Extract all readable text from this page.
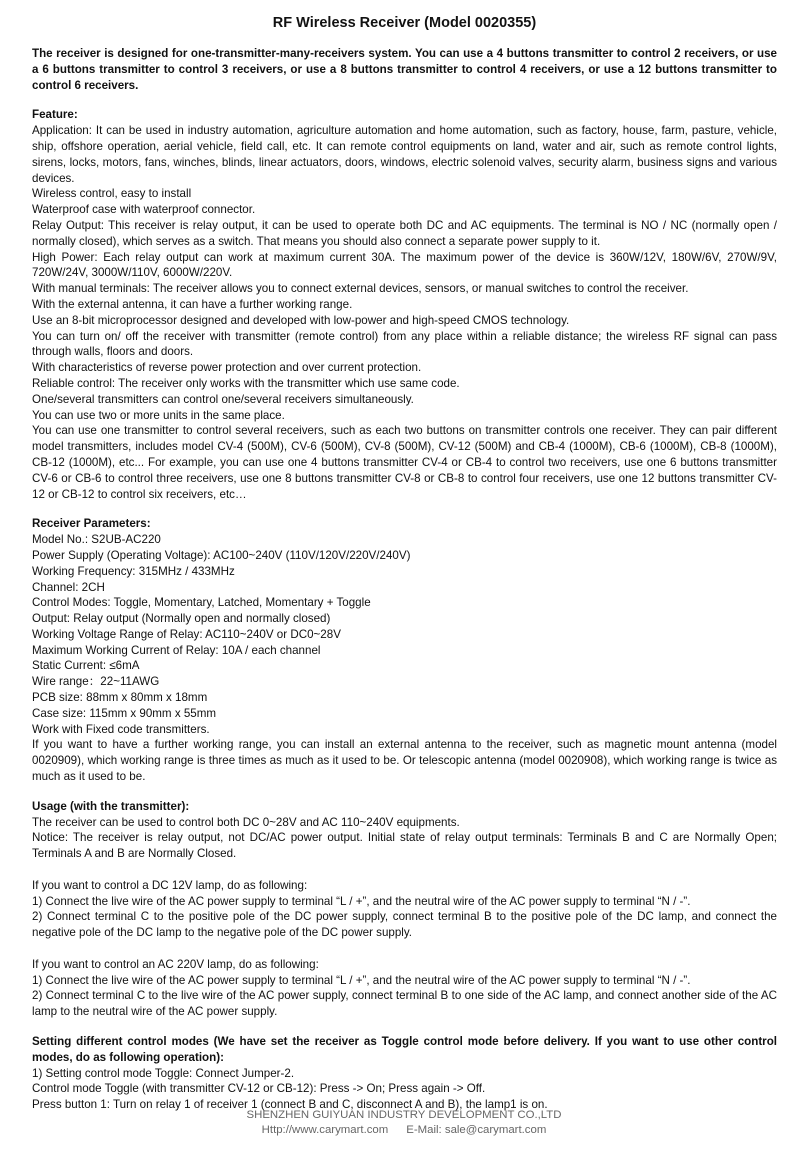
RF Wireless Receiver (Model 0020355)
The receiver is designed for one-transmitter-many-receivers system. You can use a 4 buttons transmitter to control 2 receivers, or use a 6 buttons transmitter to control 3 receivers, or use a 8 buttons transmitter to control 4 receivers, or use a 12 buttons transmitter to control 6 receivers.
Feature:
Application: It can be used in industry automation, agriculture automation and home automation, such as factory, house, farm, pasture, vehicle, ship, offshore operation, aerial vehicle, field call, etc. It can remote control equipments on land, water and air, such as remote control lights, sirens, locks, motors, fans, winches, blinds, linear actuators, doors, windows, electric solenoid valves, security alarm, business signs and various devices.
Wireless control, easy to install
Waterproof case with waterproof connector.
Relay Output: This receiver is relay output, it can be used to operate both DC and AC equipments. The terminal is NO / NC (normally open / normally closed), which serves as a switch. That means you should also connect a separate power supply to it.
High Power: Each relay output can work at maximum current 30A. The maximum power of the device is 360W/12V, 180W/6V, 270W/9V, 720W/24V, 3000W/110V, 6000W/220V.
With manual terminals: The receiver allows you to connect external devices, sensors, or manual switches to control the receiver.
With the external antenna, it can have a further working range.
Use an 8-bit microprocessor designed and developed with low-power and high-speed CMOS technology.
You can turn on/ off the receiver with transmitter (remote control) from any place within a reliable distance; the wireless RF signal can pass through walls, floors and doors.
With characteristics of reverse power protection and over current protection.
Reliable control: The receiver only works with the transmitter which use same code.
One/several transmitters can control one/several receivers simultaneously.
You can use two or more units in the same place.
You can use one transmitter to control several receivers, such as each two buttons on transmitter controls one receiver. They can pair different model transmitters, includes model CV-4 (500M), CV-6 (500M), CV-8 (500M), CV-12 (500M) and CB-4 (1000M), CB-6 (1000M), CB-8 (1000M), CB-12 (1000M), etc... For example, you can use one 4 buttons transmitter CV-4 or CB-4 to control two receivers, use one 6 buttons transmitter CV-6 or CB-6 to control three receivers, use one 8 buttons transmitter CV-8 or CB-8 to control four receivers, use one 12 buttons transmitter CV-12 or CB-12 to control six receivers, etc…
Receiver Parameters:
Model No.: S2UB-AC220
Power Supply (Operating Voltage): AC100~240V (110V/120V/220V/240V)
Working Frequency: 315MHz / 433MHz
Channel: 2CH
Control Modes: Toggle, Momentary, Latched, Momentary + Toggle
Output: Relay output (Normally open and normally closed)
Working Voltage Range of Relay: AC110~240V or DC0~28V
Maximum Working Current of Relay: 10A / each channel
Static Current: ≤6mA
Wire range：22~11AWG
PCB size: 88mm x 80mm x 18mm
Case size: 115mm x 90mm x 55mm
Work with Fixed code transmitters.
If you want to have a further working range, you can install an external antenna to the receiver, such as magnetic mount antenna (model 0020909), which working range is three times as much as it used to be. Or telescopic antenna (model 0020908), which working range is twice as much as it used to be.
Usage (with the transmitter):
The receiver can be used to control both DC 0~28V and AC 110~240V equipments.
Notice: The receiver is relay output, not DC/AC power output. Initial state of relay output terminals: Terminals B and C are Normally Open; Terminals A and B are Normally Closed.
If you want to control a DC 12V lamp, do as following:
1) Connect the live wire of the AC power supply to terminal “L / +”, and the neutral wire of the AC power supply to terminal “N / -”.
2) Connect terminal C to the positive pole of the DC power supply, connect terminal B to the positive pole of the DC lamp, and connect the negative pole of the DC lamp to the negative pole of the DC power supply.
If you want to control an AC 220V lamp, do as following:
1) Connect the live wire of the AC power supply to terminal “L / +”, and the neutral wire of the AC power supply to terminal “N / -”.
2) Connect terminal C to the live wire of the AC power supply, connect terminal B to one side of the AC lamp, and connect another side of the AC lamp to the neutral wire of the AC power supply.
Setting different control modes (We have set the receiver as Toggle control mode before delivery. If you want to use other control modes, do as following operation):
1) Setting control mode Toggle: Connect Jumper-2.
Control mode Toggle (with transmitter CV-12 or CB-12): Press -> On; Press again -> Off.
Press button 1: Turn on relay 1 of receiver 1 (connect B and C, disconnect A and B), the lamp1 is on.
SHENZHEN GUIYUAN INDUSTRY DEVELOPMENT CO.,LTD
Http://www.carymart.com E-Mail: sale@carymart.com
